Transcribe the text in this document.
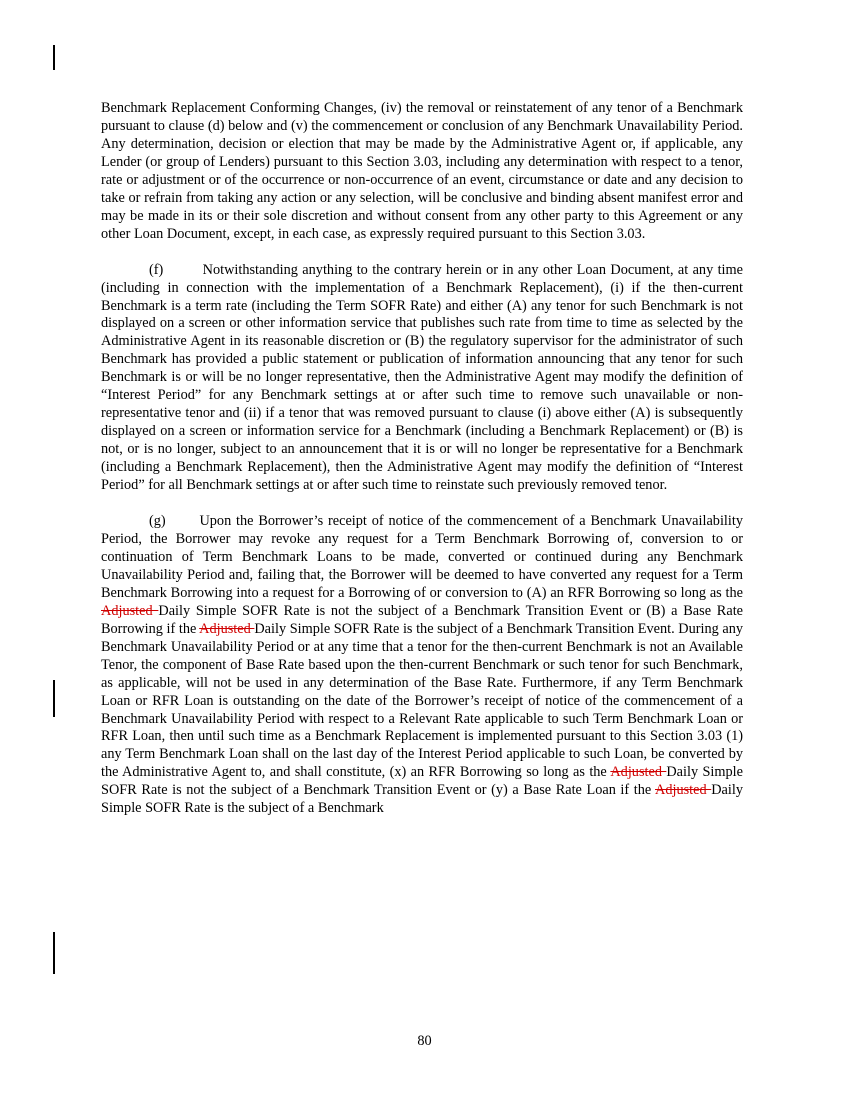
Benchmark Replacement Conforming Changes, (iv) the removal or reinstatement of any tenor of a Benchmark pursuant to clause (d) below and (v) the commencement or conclusion of any Benchmark Unavailability Period. Any determination, decision or election that may be made by the Administrative Agent or, if applicable, any Lender (or group of Lenders) pursuant to this Section 3.03, including any determination with respect to a tenor, rate or adjustment or of the occurrence or non-occurrence of an event, circumstance or date and any decision to take or refrain from taking any action or any selection, will be conclusive and binding absent manifest error and may be made in its or their sole discretion and without consent from any other party to this Agreement or any other Loan Document, except, in each case, as expressly required pursuant to this Section 3.03.

(f)	Notwithstanding anything to the contrary herein or in any other Loan Document, at any time (including in connection with the implementation of a Benchmark Replacement), (i) if the then-current Benchmark is a term rate (including the Term SOFR Rate) and either (A) any tenor for such Benchmark is not displayed on a screen or other information service that publishes such rate from time to time as selected by the Administrative Agent in its reasonable discretion or (B) the regulatory supervisor for the administrator of such Benchmark has provided a public statement or publication of information announcing that any tenor for such Benchmark is or will be no longer representative, then the Administrative Agent may modify the definition of “Interest Period” for any Benchmark settings at or after such time to remove such unavailable or non-representative tenor and (ii) if a tenor that was removed pursuant to clause (i) above either (A) is subsequently displayed on a screen or information service for a Benchmark (including a Benchmark Replacement) or (B) is not, or is no longer, subject to an announcement that it is or will no longer be representative for a Benchmark (including a Benchmark Replacement), then the Administrative Agent may modify the definition of “Interest Period” for all Benchmark settings at or after such time to reinstate such previously removed tenor.

(g) Upon the Borrower’s receipt of notice of the commencement of a Benchmark Unavailability Period, the Borrower may revoke any request for a Term Benchmark Borrowing of, conversion to or continuation of Term Benchmark Loans to be made, converted or continued during any Benchmark Unavailability Period and, failing that, the Borrower will be deemed to have converted any request for a Term Benchmark Borrowing into a request for a Borrowing of or conversion to (A) an RFR Borrowing so long as the Adjusted Daily Simple SOFR Rate is not the subject of a Benchmark Transition Event or (B) a Base Rate Borrowing if the Adjusted Daily Simple SOFR Rate is the subject of a Benchmark Transition Event. During any Benchmark Unavailability Period or at any time that a tenor for the then-current Benchmark is not an Available Tenor, the component of Base Rate based upon the then-current Benchmark or such tenor for such Benchmark, as applicable, will not be used in any determination of the Base Rate. Furthermore, if any Term Benchmark Loan or RFR Loan is outstanding on the date of the Borrower’s receipt of notice of the commencement of a Benchmark Unavailability Period with respect to a Relevant Rate applicable to such Term Benchmark Loan or RFR Loan, then until such time as a Benchmark Replacement is implemented pursuant to this Section 3.03 (1) any Term Benchmark Loan shall on the last day of the Interest Period applicable to such Loan, be converted by the Administrative Agent to, and shall constitute, (x) an RFR Borrowing so long as the Adjusted Daily Simple SOFR Rate is not the subject of a Benchmark Transition Event or (y) a Base Rate Loan if the Adjusted Daily Simple SOFR Rate is the subject of a Benchmark

80
